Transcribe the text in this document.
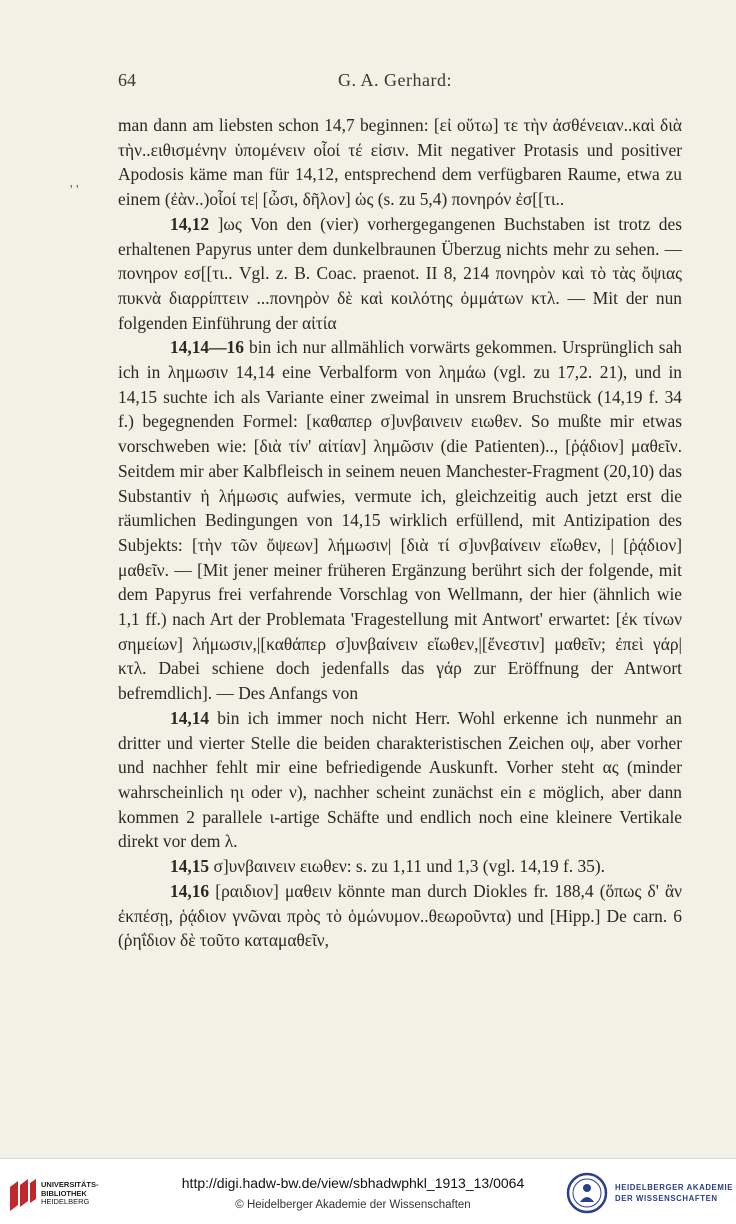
64	G. A. Gerhard:
' '

man dann am liebsten schon 14,7 beginnen: [εἰ οὕτω] τε τὴν ἀσθένειαν..καὶ διὰ τὴν..ειθισμένην ὑπομένειν οἷοί τέ εἰσιν. Mit negativer Protasis und positiver Apodosis käme man für 14,12, entsprechend dem verfügbaren Raume, etwa zu einem (ἐὰν..)οἷοί τε| [ὦσι, δῆλον] ὡς (s. zu 5,4) πονηρόν ἐσ[[τι..

14,12 ]ως Von den (vier) vorhergegangenen Buchstaben ist trotz des erhaltenen Papyrus unter dem dunkelbraunen Überzug nichts mehr zu sehen. — πονηρον εσ[[τι.. Vgl. z. B. Coac. praenot. II 8, 214 πονηρὸν καὶ τὸ τὰς ὄψιας πυκνὰ διαρρίπτειν ...πονηρὸν δὲ καὶ κοιλότης ὀμμάτων κτλ. — Mit der nun folgenden Einführung der αἰτία

14,14—16 bin ich nur allmählich vorwärts gekommen. Ursprünglich sah ich in λημωσιν 14,14 eine Verbalform von λημάω (vgl. zu 17,2. 21), und in 14,15 suchte ich als Variante einer zweimal in unsrem Bruchstück (14,19 f. 34 f.) begegnenden Formel: [καθαπερ σ]υνβαινειν ειωθεν. So mußte mir etwas vorschweben wie: [διὰ τίν' αἰτίαν] λημῶσιν (die Patienten).., [ῥᾴδιον] μαθεῖν. Seitdem mir aber Kalbfleisch in seinem neuen Manchester-Fragment (20,10) das Substantiv ἡ λήμωσις aufwies, vermute ich, gleichzeitig auch jetzt erst die räumlichen Bedingungen von 14,15 wirklich erfüllend, mit Antizipation des Subjekts: [τὴν τῶν ὄψεων] λήμωσιν| [διὰ τί σ]υνβαίνειν εἴωθεν, | [ῥᾴδιον] μαθεῖν. — [Mit jener meiner früheren Ergänzung berührt sich der folgende, mit dem Papyrus frei verfahrende Vorschlag von Wellmann, der hier (ähnlich wie 1,1 ff.) nach Art der Problemata 'Fragestellung mit Antwort' erwartet: [ἐκ τίνων σημείων] λήμωσιν,|[καθάπερ σ]υνβαίνειν εἴωθεν,|[ἔνεστιν] μαθεῖν; ἐπεὶ γάρ| κτλ. Dabei schiene doch jedenfalls das γάρ zur Eröffnung der Antwort befremdlich]. — Des Anfangs von

14,14 bin ich immer noch nicht Herr. Wohl erkenne ich nunmehr an dritter und vierter Stelle die beiden charakteristischen Zeichen οψ, aber vorher und nachher fehlt mir eine befriedigende Auskunft. Vorher steht ας (minder wahrscheinlich ηι oder ν), nachher scheint zunächst ein ε möglich, aber dann kommen 2 parallele ι-artige Schäfte und endlich noch eine kleinere Vertikale direkt vor dem λ.

14,15 σ]υνβαινειν ειωθεν: s. zu 1,11 und 1,3 (vgl. 14,19 f. 35).

14,16 [ραιδιον] μαθειν könnte man durch Diokles fr. 188,4 (ὅπως δ' ἂν ἐκπέσῃ, ῥᾴδιον γνῶναι πρὸς τὸ ὁμώνυμον..θεωροῦντα) und [Hipp.] De carn. 6 (ῥηΐδιον δὲ τοῦτο καταμαθεῖν,

UNIVERSITÄTS-
BIBLIOTHEK
HEIDELBERG
http://digi.hadw-bw.de/view/sbhadwphkl_1913_13/0064
© Heidelberger Akademie der Wissenschaften
HEIDELBERGER AKADEMIE
DER WISSENSCHAFTEN
